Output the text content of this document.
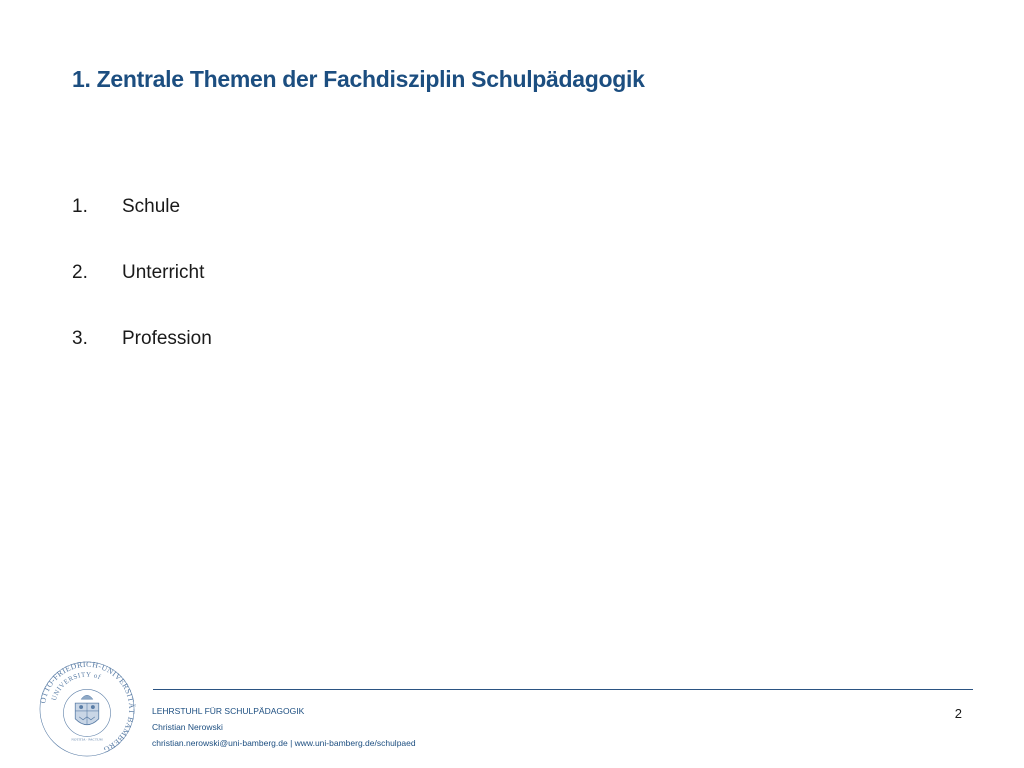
1. Zentrale Themen der Fachdisziplin Schulpädagogik
1.	Schule
2.	Unterricht
3.	Profession
OTTO-FRIEDRICH-UNIVERSITÄT BAMBERG
UNIVERSITY of
NOTITIA · PACTUM
LEHRSTUHL FÜR SCHULPÄDAGOGIK
Christian Nerowski
christian.nerowski@uni-bamberg.de | www.uni-bamberg.de/schulpaed
2
